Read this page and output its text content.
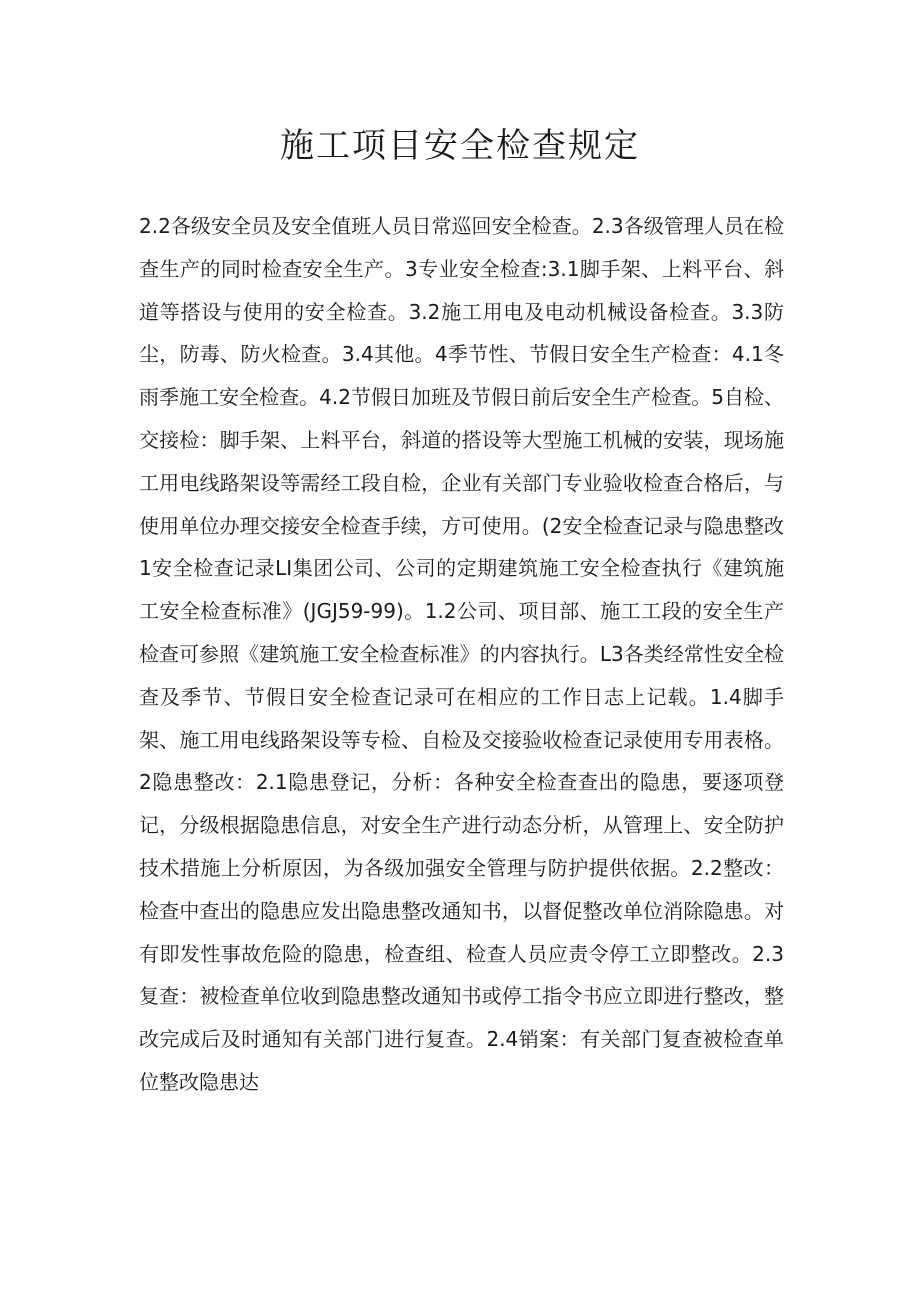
施工项目安全检查规定

2.2各级安全员及安全值班人员日常巡回安全检查。2.3各级管理人员在检查生产的同时检查安全生产。3专业安全检查:3.1脚手架、上料平台、斜道等搭设与使用的安全检查。3.2施工用电及电动机械设备检查。3.3防尘，防毒、防火检查。3.4其他。4季节性、节假日安全生产检查：4.1冬雨季施工安全检查。4.2节假日加班及节假日前后安全生产检查。5自检、交接检：脚手架、上料平台，斜道的搭设等大型施工机械的安装，现场施工用电线路架设等需经工段自检，企业有关部门专业验收检查合格后，与使用单位办理交接安全检查手续，方可使用。(2安全检查记录与隐患整改1安全检查记录LI集团公司、公司的定期建筑施工安全检查执行《建筑施工安全检查标准》(JGJ59-99)。1.2公司、项目部、施工工段的安全生产检查可参照《建筑施工安全检查标准》的内容执行。L3各类经常性安全检查及季节、节假日安全检查记录可在相应的工作日志上记载。1.4脚手架、施工用电线路架设等专检、自检及交接验收检查记录使用专用表格。2隐患整改：2.1隐患登记，分析：各种安全检查查出的隐患，要逐项登记，分级根据隐患信息，对安全生产进行动态分析，从管理上、安全防护技术措施上分析原因，为各级加强安全管理与防护提供依据。2.2整改：检查中查出的隐患应发出隐患整改通知书，以督促整改单位消除隐患。对有即发性事故危险的隐患，检查组、检查人员应责令停工立即整改。2.3复查：被检查单位收到隐患整改通知书或停工指令书应立即进行整改，整改完成后及时通知有关部门进行复查。2.4销案：有关部门复查被检查单位整改隐患达
